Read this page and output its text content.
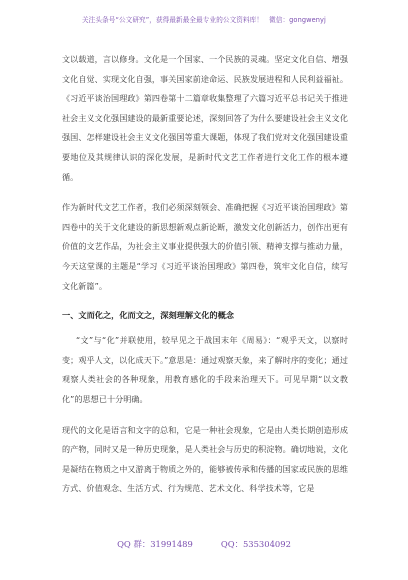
关注头条号“公文研究”，获得最新最全最专业的公文资料库！ 微信：gongwenyj

文以载道，言以修身。文化是一个国家、一个民族的灵魂。坚定文化自信、增强文化自觉、实现文化自强，事关国家前途命运、民族发展进程和人民利益福祉。《习近平谈治国理政》第四卷第十二篇章收集整理了六篇习近平总书记关于推进社会主义文化强国建设的最新重要论述，深刻回答了为什么要建设社会主义文化强国、怎样建设社会主义文化强国等重大课题，体现了我们党对文化强国建设重要地位及其规律认识的深化发展，是新时代文艺工作者进行文化工作的根本遵循。

作为新时代文艺工作者，我们必须深刻领会、准确把握《习近平谈治国理政》第四卷中的关于文化建设的新思想新观点新论断，激发文化创新活力，创作出更有价值的文艺作品，为社会主义事业提供强大的价值引领、精神支撑与推动力量，今天这堂课的主题是“学习《习近平谈治国理政》第四卷，筑牢文化自信，续写文化新篇”。

一、文而化之，化而文之，深刻理解文化的概念

“文”与“化”并联使用，较早见之于战国末年《周易》：“观乎天文，以察时变；观乎人文，以化成天下。”意思是：通过观察天象，来了解时序的变化；通过观察人类社会的各种现象，用教育感化的手段来治理天下。可见早期“以文教化”的思想已十分明确。

现代的文化是语言和文字的总和，它是一种社会现象，它是由人类长期创造形成的产物，同时又是一种历史现象，是人类社会与历史的积淀物。确切地说，文化是凝结在物质之中又游离于物质之外的，能够被传承和传播的国家或民族的思维方式、价值观念、生活方式、行为规范、艺术文化、科学技术等，它是

QQ 群：31991489	QQ：535304092
